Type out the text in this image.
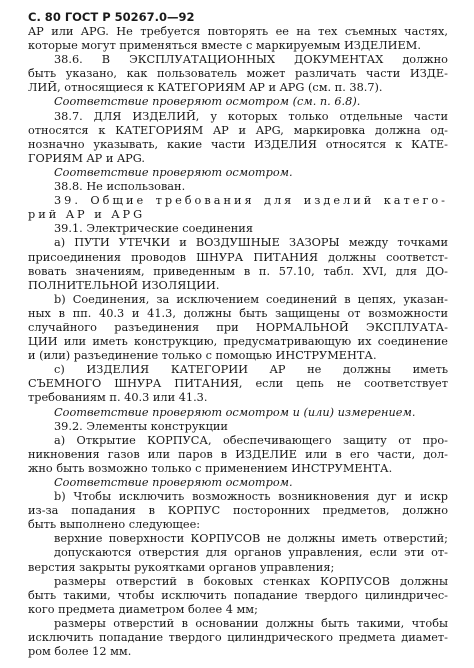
С. 80 ГОСТ Р 50267.0—92
AP или APG. Не требуется повторять ее на тех съемных частях,
которые могут применяться вместе с маркируемым ИЗДЕЛИЕМ.
38.6. В ЭКСПЛУАТАЦИОННЫХ ДОКУМЕНТАХ должно
быть указано, как пользователь может различать части ИЗДЕ-
ЛИЙ, относящиеся к КАТЕГОРИЯМ AP и APG (см. п. 38.7).
Соответствие проверяют осмотром (см. п. 6.8).
38.7. ДЛЯ ИЗДЕЛИЙ, у которых только отдельные части
относятся к КАТЕГОРИЯМ AP и APG, маркировка должна од-
нозначно указывать, какие части ИЗДЕЛИЯ относятся к КАТЕ-
ГОРИЯМ AP и APG.
Соответствие проверяют осмотром.
38.8. Не использован.
39. Общие требования для изделий катего-
рий AP и APG
39.1. Электрические соединения
а) ПУТИ УТЕЧКИ и ВОЗДУШНЫЕ ЗАЗОРЫ между точками
присоединения проводов ШНУРА ПИТАНИЯ должны соответст-
вовать значениям, приведенным в п. 57.10, табл. XVI, для ДО-
ПОЛНИТЕЛЬНОЙ ИЗОЛЯЦИИ.
b) Соединения, за исключением соединений в цепях, указан-
ных в пп. 40.3 и 41.3, должны быть защищены от возможности
случайного разъединения при НОРМАЛЬНОЙ ЭКСПЛУАТА-
ЦИИ или иметь конструкцию, предусматривающую их соединение
и (или) разъединение только с помощью ИНСТРУМЕНТА.
с) ИЗДЕЛИЯ КАТЕГОРИИ AP не должны иметь
СЪЕМНОГО ШНУРА ПИТАНИЯ, если цепь не соответствует
требованиям п. 40.3 или 41.3.
Соответствие проверяют осмотром и (или) измерением.
39.2. Элементы конструкции
а) Открытие КОРПУСА, обеспечивающего защиту от про-
никновения газов или паров в ИЗДЕЛИЕ или в его части, дол-
жно быть возможно только с применением ИНСТРУМЕНТА.
Соответствие проверяют осмотром.
b) Чтобы исключить возможность возникновения дуг и искр
из-за попадания в КОРПУС посторонних предметов, должно
быть выполнено следующее:
верхние поверхности КОРПУСОВ не должны иметь отверстий;
допускаются отверстия для органов управления, если эти от-
верстия закрыты рукоятками органов управления;
размеры отверстий в боковых стенках КОРПУСОВ должны
быть такими, чтобы исключить попадание твердого цилиндричес-
кого предмета диаметром более 4 мм;
размеры отверстий в основании должны быть такими, чтобы
исключить попадание твердого цилиндрического предмета диамет-
ром более 12 мм.
